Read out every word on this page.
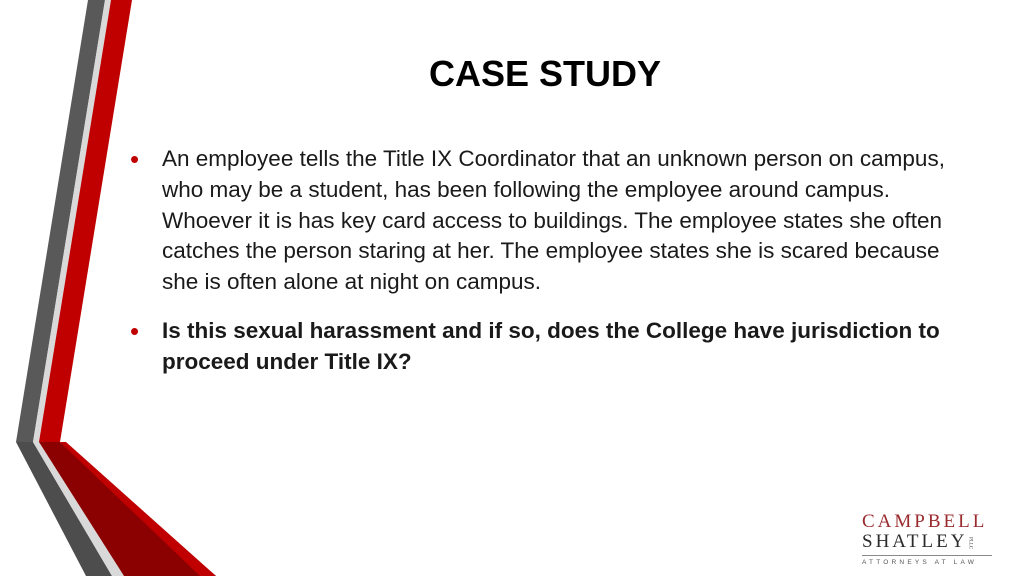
CASE STUDY
•	An employee tells the Title IX Coordinator that an unknown person on campus, who may be a student, has been following the employee around campus. Whoever it is has key card access to buildings. The employee states she often catches the person staring at her. The employee states she is scared because she is often alone at night on campus.
•	Is this sexual harassment and if so, does the College have jurisdiction to proceed under Title IX?
CAMPBELL
SHATLEYPLLC
ATTORNEYS AT LAW
